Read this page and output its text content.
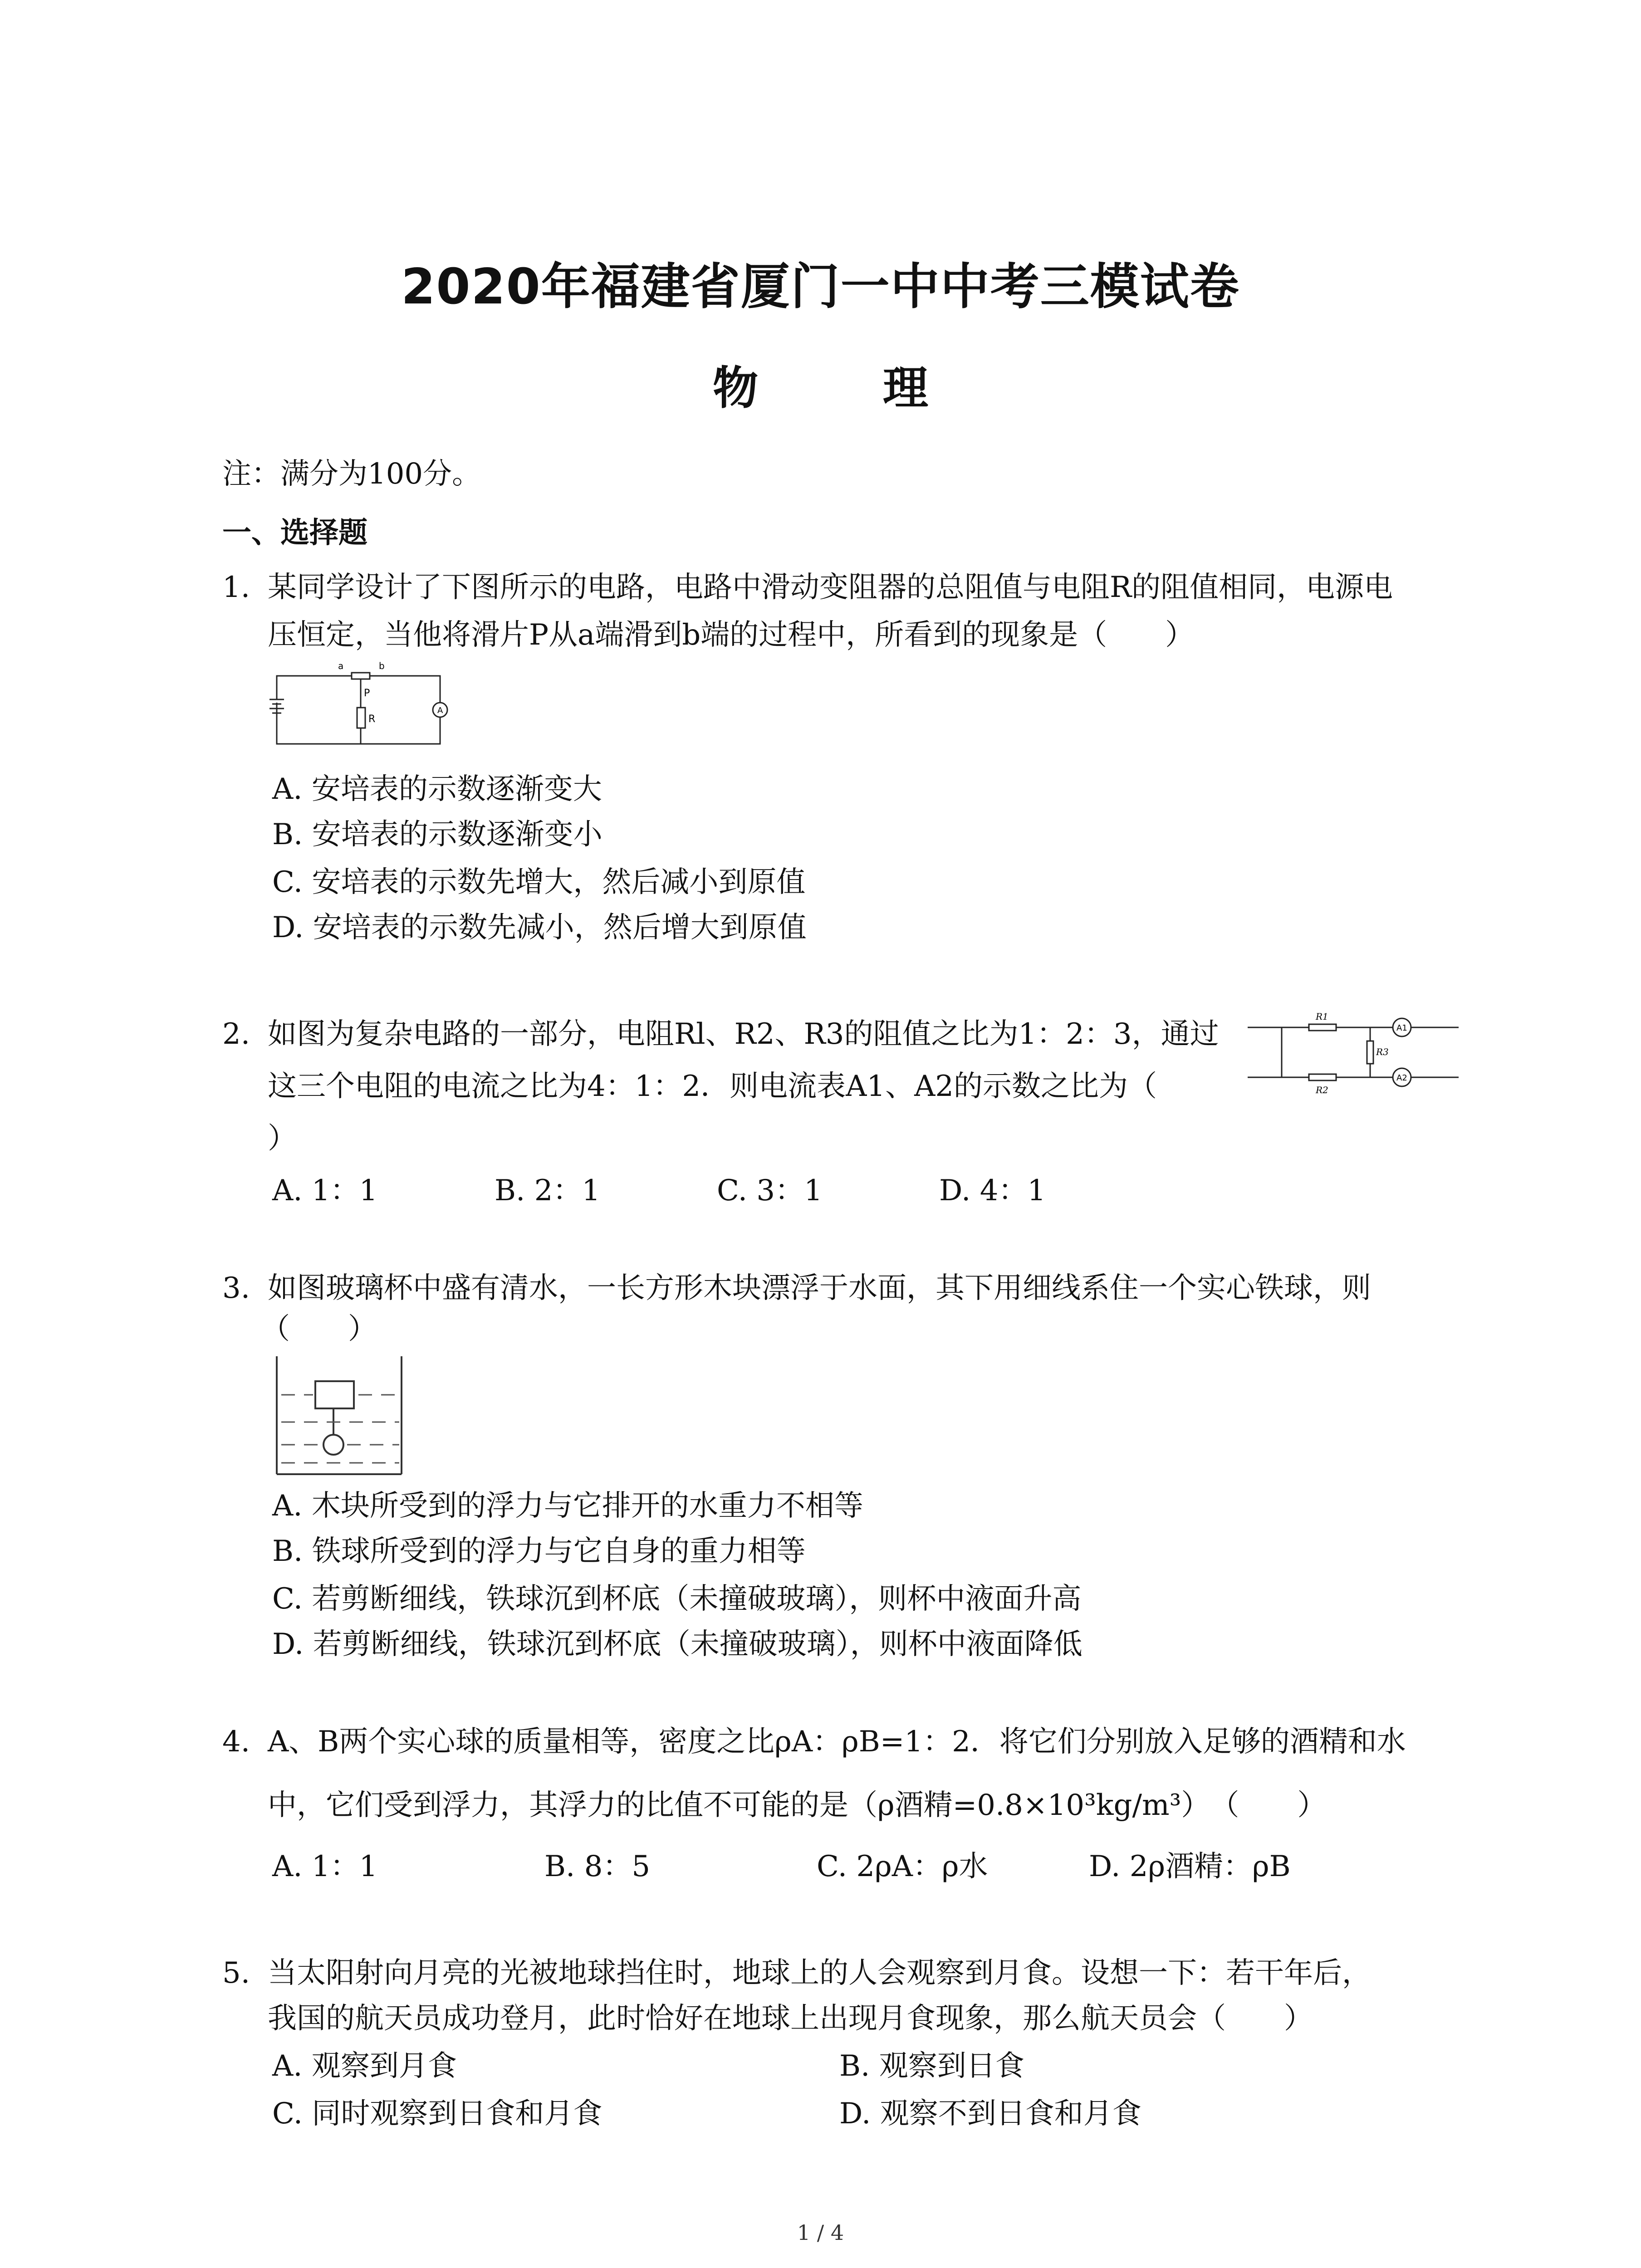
2020年福建省厦门一中中考三模试卷
物 理
注：满分为100分。
一、选择题
1. 某同学设计了下图所示的电路，电路中滑动变阻器的总阻值与电阻R的阻值相同，电源电
压恒定，当他将滑片P从a端滑到b端的过程中，所看到的现象是（　　）
a	b
P
R
A
A. 安培表的示数逐渐变大
B. 安培表的示数逐渐变小
C. 安培表的示数先增大，然后减小到原值
D. 安培表的示数先减小，然后增大到原值
2. 如图为复杂电路的一部分，电阻Rl、R2、R3的阻值之比为1：2：3，通过
这三个电阻的电流之比为4：1：2．则电流表A1、A2的示数之比为（
）
R1
R2
R3
A1
A2
A. 1：1	B. 2：1	C. 3：1	D. 4：1
3. 如图玻璃杯中盛有清水，一长方形木块漂浮于水面，其下用细线系住一个实心铁球，则
（　　）
A. 木块所受到的浮力与它排开的水重力不相等
B. 铁球所受到的浮力与它自身的重力相等
C. 若剪断细线，铁球沉到杯底（未撞破玻璃），则杯中液面升高
D. 若剪断细线，铁球沉到杯底（未撞破玻璃），则杯中液面降低
4. A、B两个实心球的质量相等，密度之比ρA：ρB=1：2．将它们分别放入足够的酒精和水
中，它们受到浮力，其浮力的比值不可能的是（ρ酒精=0.8×10³kg/m³）　（　　）
A. 1：1	B. 8：5	C. 2ρA：ρ水	D. 2ρ酒精：ρB
5. 当太阳射向月亮的光被地球挡住时，地球上的人会观察到月食。设想一下：若干年后，
我国的航天员成功登月，此时恰好在地球上出现月食现象，那么航天员会（　　）
A. 观察到月食	B. 观察到日食
C. 同时观察到日食和月食	D. 观察不到日食和月食
1 / 4
